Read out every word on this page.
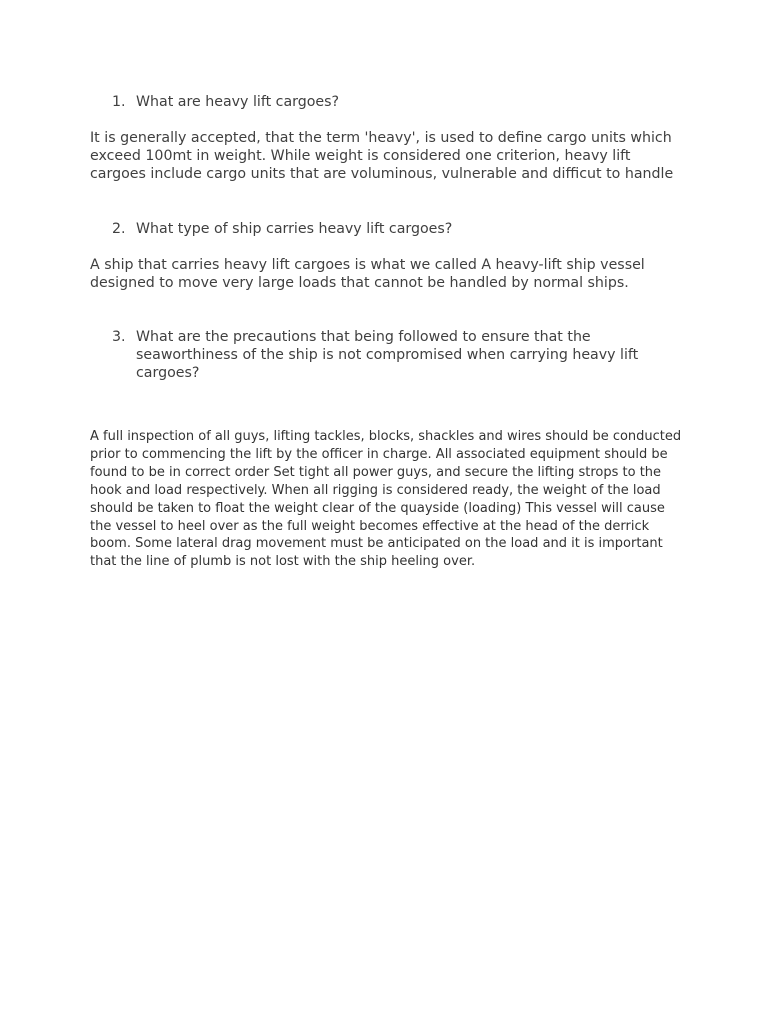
1. What are heavy lift cargoes?
It is generally accepted, that the term 'heavy', is used to define cargo units which exceed 100mt in weight. While weight is considered one criterion, heavy lift cargoes include cargo units that are voluminous, vulnerable and difficut to handle
2. What type of ship carries heavy lift cargoes?
A ship that carries heavy lift cargoes is what we called A heavy-lift ship vessel designed to move very large loads that cannot be handled by normal ships.
3. What are the precautions that being followed to ensure that the seaworthiness of the ship is not compromised when carrying heavy lift cargoes?
A full inspection of all guys, lifting tackles, blocks, shackles and wires should be conducted prior to commencing the lift by the officer in charge. All associated equipment should be found to be in correct order Set tight all power guys, and secure the lifting strops to the hook and load respectively. When all rigging is considered ready, the weight of the load should be taken to float the weight clear of the quayside (loading) This vessel will cause the vessel to heel over as the full weight becomes effective at the head of the derrick boom. Some lateral drag movement must be anticipated on the load and it is important that the line of plumb is not lost with the ship heeling over.
